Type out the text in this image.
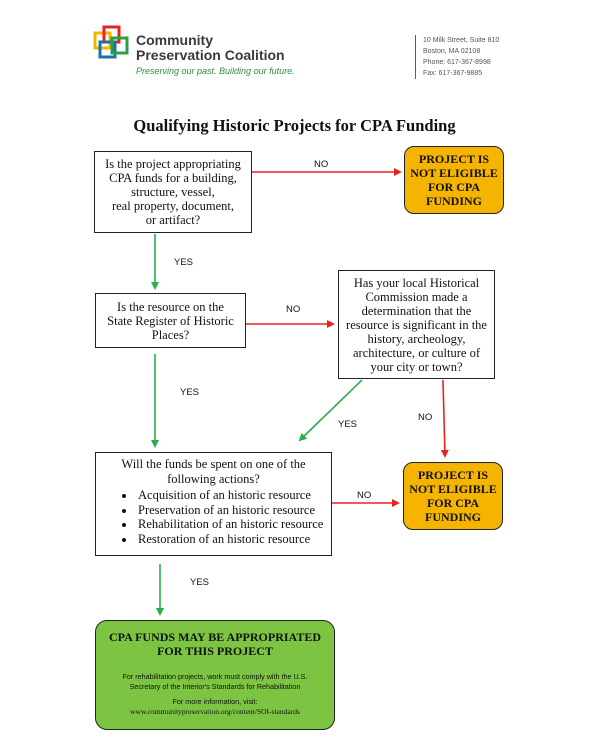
Community
Preservation Coalition
Preserving our past. Building our future.
10 Milk Street, Suite 810
Boston, MA 02108
Phone: 617-367-8998
Fax: 617-367-9885
Qualifying Historic Projects for CPA Funding
NO
YES
NO
YES
YES
NO
NO
YES
Is the project appropriating
CPA funds for a building,
structure, vessel,
real property, document,
or artifact?
PROJECT IS
NOT ELIGIBLE
FOR CPA
FUNDING
Is the resource on the
State Register of Historic
Places?
Has your local Historical
Commission made a
determination that the
resource is significant in the
history, archeology,
architecture, or culture of
your city or town?
Will the funds be spent on one of the
following actions?
• Acquisition of an historic resource
• Preservation of an historic resource
• Rehabilitation of an historic resource
• Restoration of an historic resource
PROJECT IS
NOT ELIGIBLE
FOR CPA
FUNDING
CPA FUNDS MAY BE APPROPRIATED
FOR THIS PROJECT
For rehabilitation projects, work must comply with the U.S.
Secretary of the Interior's Standards for Rehabilitation
For more information, visit:
www.communitypreservation.org/content/SOI-standards
